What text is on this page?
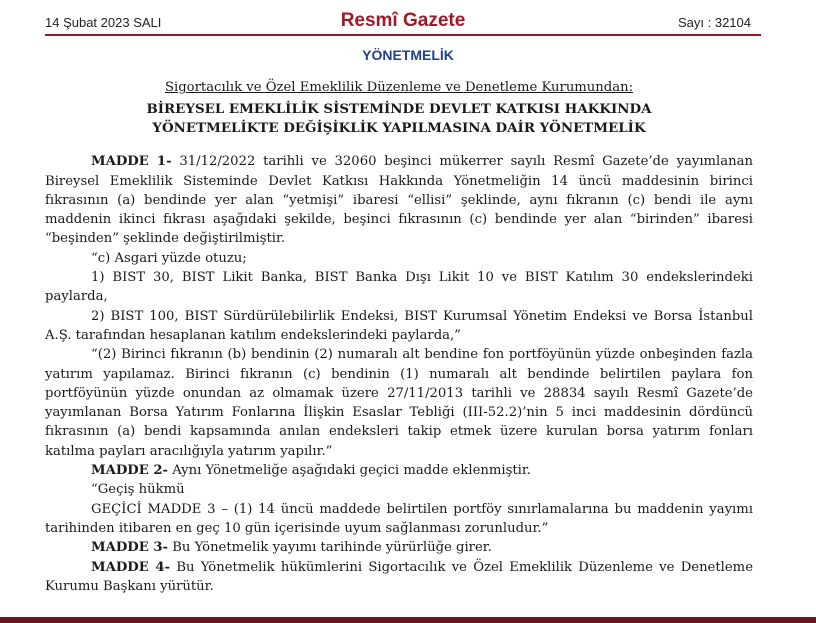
14 Şubat 2023 SALI	Resmî Gazete	Sayı : 32104
YÖNETMELİK
Sigortacılık ve Özel Emeklilik Düzenleme ve Denetleme Kurumundan:
BİREYSEL EMEKLİLİK SİSTEMİNDE DEVLET KATKISI HAKKINDA
YÖNETMELİKTE DEĞİŞİKLİK YAPILMASINA DAİR YÖNETMELİK
MADDE 1- 31/12/2022 tarihli ve 32060 beşinci mükerrer sayılı Resmî Gazete’de yayımlanan Bireysel Emeklilik Sisteminde Devlet Katkısı Hakkında Yönetmeliğin 14 üncü maddesinin birinci fıkrasının (a) bendinde yer alan “yetmişi” ibaresi “ellisi” şeklinde, aynı fıkranın (c) bendi ile aynı maddenin ikinci fıkrası aşağıdaki şekilde, beşinci fıkrasının (c) bendinde yer alan “birinden” ibaresi “beşinden” şeklinde değiştirilmiştir.
“c) Asgari yüzde otuzu;
1) BIST 30, BIST Likit Banka, BIST Banka Dışı Likit 10 ve BIST Katılım 30 endekslerindeki paylarda,
2) BIST 100, BIST Sürdürülebilirlik Endeksi, BIST Kurumsal Yönetim Endeksi ve Borsa İstanbul A.Ş. tarafından hesaplanan katılım endekslerindeki paylarda,”
“(2) Birinci fıkranın (b) bendinin (2) numaralı alt bendine fon portföyünün yüzde onbeşinden fazla yatırım yapılamaz. Birinci fıkranın (c) bendinin (1) numaralı alt bendinde belirtilen paylara fon portföyünün yüzde onundan az olmamak üzere 27/11/2013 tarihli ve 28834 sayılı Resmî Gazete’de yayımlanan Borsa Yatırım Fonlarına İlişkin Esaslar Tebliği (III-52.2)’nin 5 inci maddesinin dördüncü fıkrasının (a) bendi kapsamında anılan endeksleri takip etmek üzere kurulan borsa yatırım fonları katılma payları aracılığıyla yatırım yapılır.”
MADDE 2- Aynı Yönetmeliğe aşağıdaki geçici madde eklenmiştir.
“Geçiş hükmü
GEÇİCİ MADDE 3 – (1) 14 üncü maddede belirtilen portföy sınırlamalarına bu maddenin yayımı tarihinden itibaren en geç 10 gün içerisinde uyum sağlanması zorunludur.”
MADDE 3- Bu Yönetmelik yayımı tarihinde yürürlüğe girer.
MADDE 4- Bu Yönetmelik hükümlerini Sigortacılık ve Özel Emeklilik Düzenleme ve Denetleme Kurumu Başkanı yürütür.
